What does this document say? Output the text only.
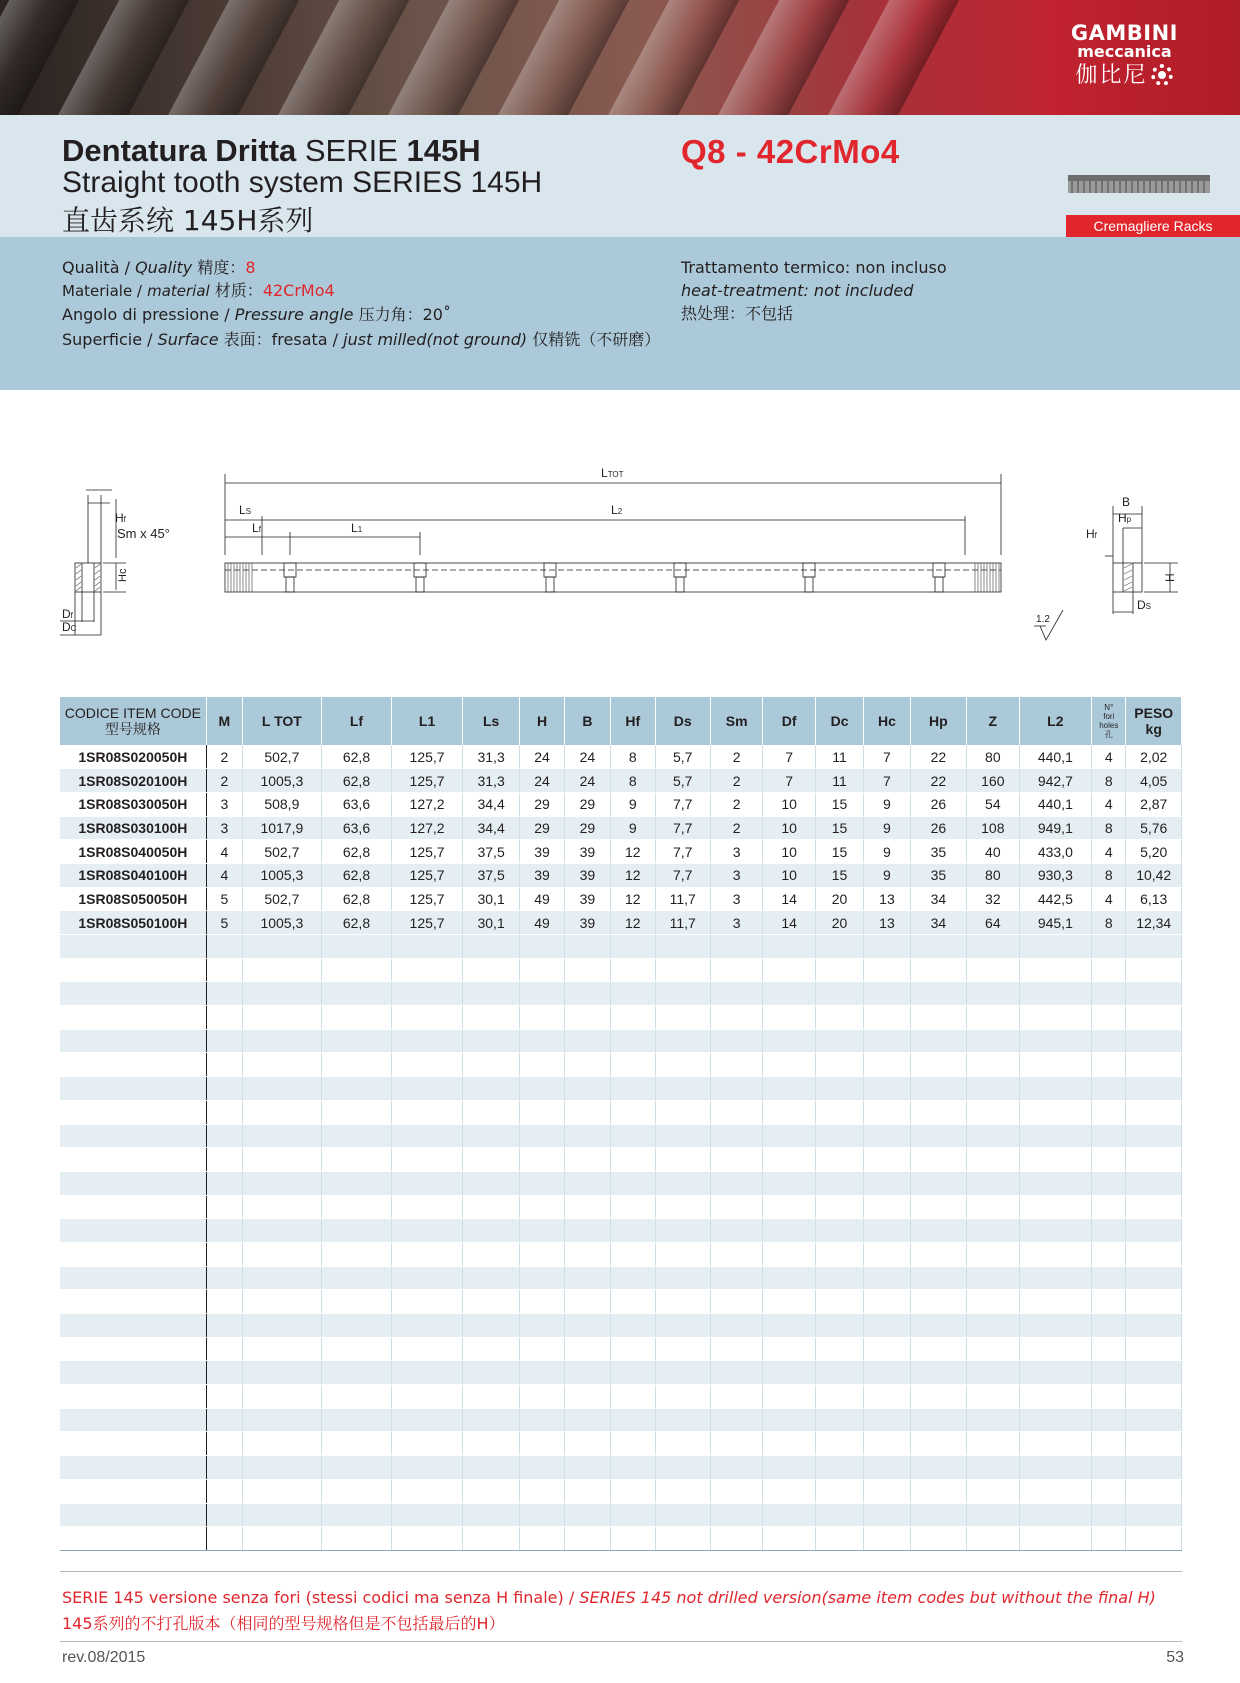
GAMBINI
meccanica
伽比尼
Dentatura Dritta SERIE 145H
Straight tooth system SERIES 145H
直齿系统 145H系列
Q8 - 42CrMo4
Cremagliere Racks
Qualità / Quality 精度：8
Materiale / material 材质：42CrMo4
Angolo di pressione / Pressure angle 压力角：20˚
Superficie / Surface 表面：fresata / just milled(not ground) 仅精铣（不研磨）
Trattamento termico: non incluso
heat-treatment: not included
热处理：不包括
LTOT
LS	L2
Lf	L1
Hf
Sm x 45°
Hc
Df
DC
B
Hp
Hf
H
DS
1.2
CODICE ITEM CODE
型号规格	M	L TOT	Lf	L1	Ls	H	B	Hf	Ds	Sm	Df	Dc	Hc	Hp	Z	L2	N°
fori
holes
孔	PESO
kg
1SR08S020050H	2	502,7	62,8	125,7	31,3	24	24	8	5,7	2	7	11	7	22	80	440,1	4	2,02
1SR08S020100H	2	1005,3	62,8	125,7	31,3	24	24	8	5,7	2	7	11	7	22	160	942,7	8	4,05
1SR08S030050H	3	508,9	63,6	127,2	34,4	29	29	9	7,7	2	10	15	9	26	54	440,1	4	2,87
1SR08S030100H	3	1017,9	63,6	127,2	34,4	29	29	9	7,7	2	10	15	9	26	108	949,1	8	5,76
1SR08S040050H	4	502,7	62,8	125,7	37,5	39	39	12	7,7	3	10	15	9	35	40	433,0	4	5,20
1SR08S040100H	4	1005,3	62,8	125,7	37,5	39	39	12	7,7	3	10	15	9	35	80	930,3	8	10,42
1SR08S050050H	5	502,7	62,8	125,7	30,1	49	39	12	11,7	3	14	20	13	34	32	442,5	4	6,13
1SR08S050100H	5	1005,3	62,8	125,7	30,1	49	39	12	11,7	3	14	20	13	34	64	945,1	8	12,34

SERIE 145 versione senza fori (stessi codici ma senza H finale) / SERIES 145 not drilled version(same item codes but without the final H)
145系列的不打孔版本（相同的型号规格但是不包括最后的H）
rev.08/2015	53
